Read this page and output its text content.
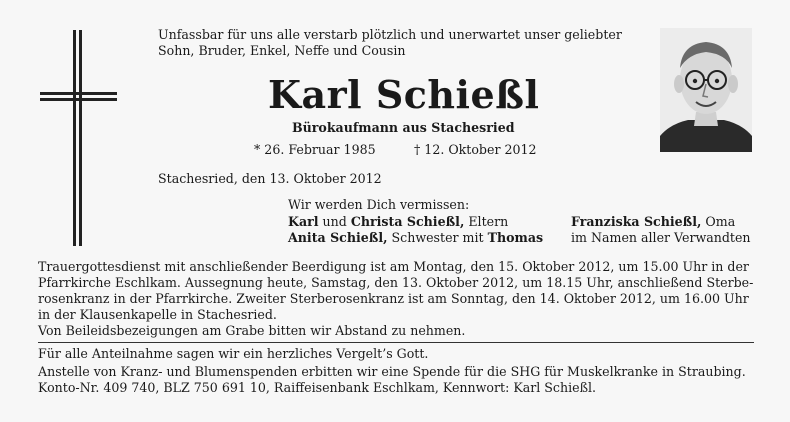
Unfassbar für uns alle verstarb plötzlich und unerwartet unser geliebter
Sohn, Bruder, Enkel, Neffe und Cousin
Karl Schießl
Bürokaufmann aus Stachesried
* 26. Februar 1985	† 12. Oktober 2012
Stachesried, den 13. Oktober 2012
Wir werden Dich vermissen:
Karl und Christa Schießl, Eltern
Anita Schießl, Schwester mit Thomas
Franziska Schießl, Oma
im Namen aller Verwandten
Trauergottesdienst mit anschließender Beerdigung ist am Montag, den 15. Oktober 2012, um 15.00 Uhr in der
Pfarrkirche Eschlkam. Aussegnung heute, Samstag, den 13. Oktober 2012, um 18.15 Uhr, anschließend Sterbe-
rosenkranz in der Pfarrkirche. Zweiter Sterberosenkranz ist am Sonntag, den 14. Oktober 2012, um 16.00 Uhr
in der Klausenkapelle in Stachesried.
Von Beileidsbezeigungen am Grabe bitten wir Abstand zu nehmen.
Für alle Anteilnahme sagen wir ein herzliches Vergelt’s Gott.
Anstelle von Kranz- und Blumenspenden erbitten wir eine Spende für die SHG für Muskelkranke in Straubing.
Konto-Nr. 409 740, BLZ 750 691 10, Raiffeisenbank Eschlkam, Kennwort: Karl Schießl.
